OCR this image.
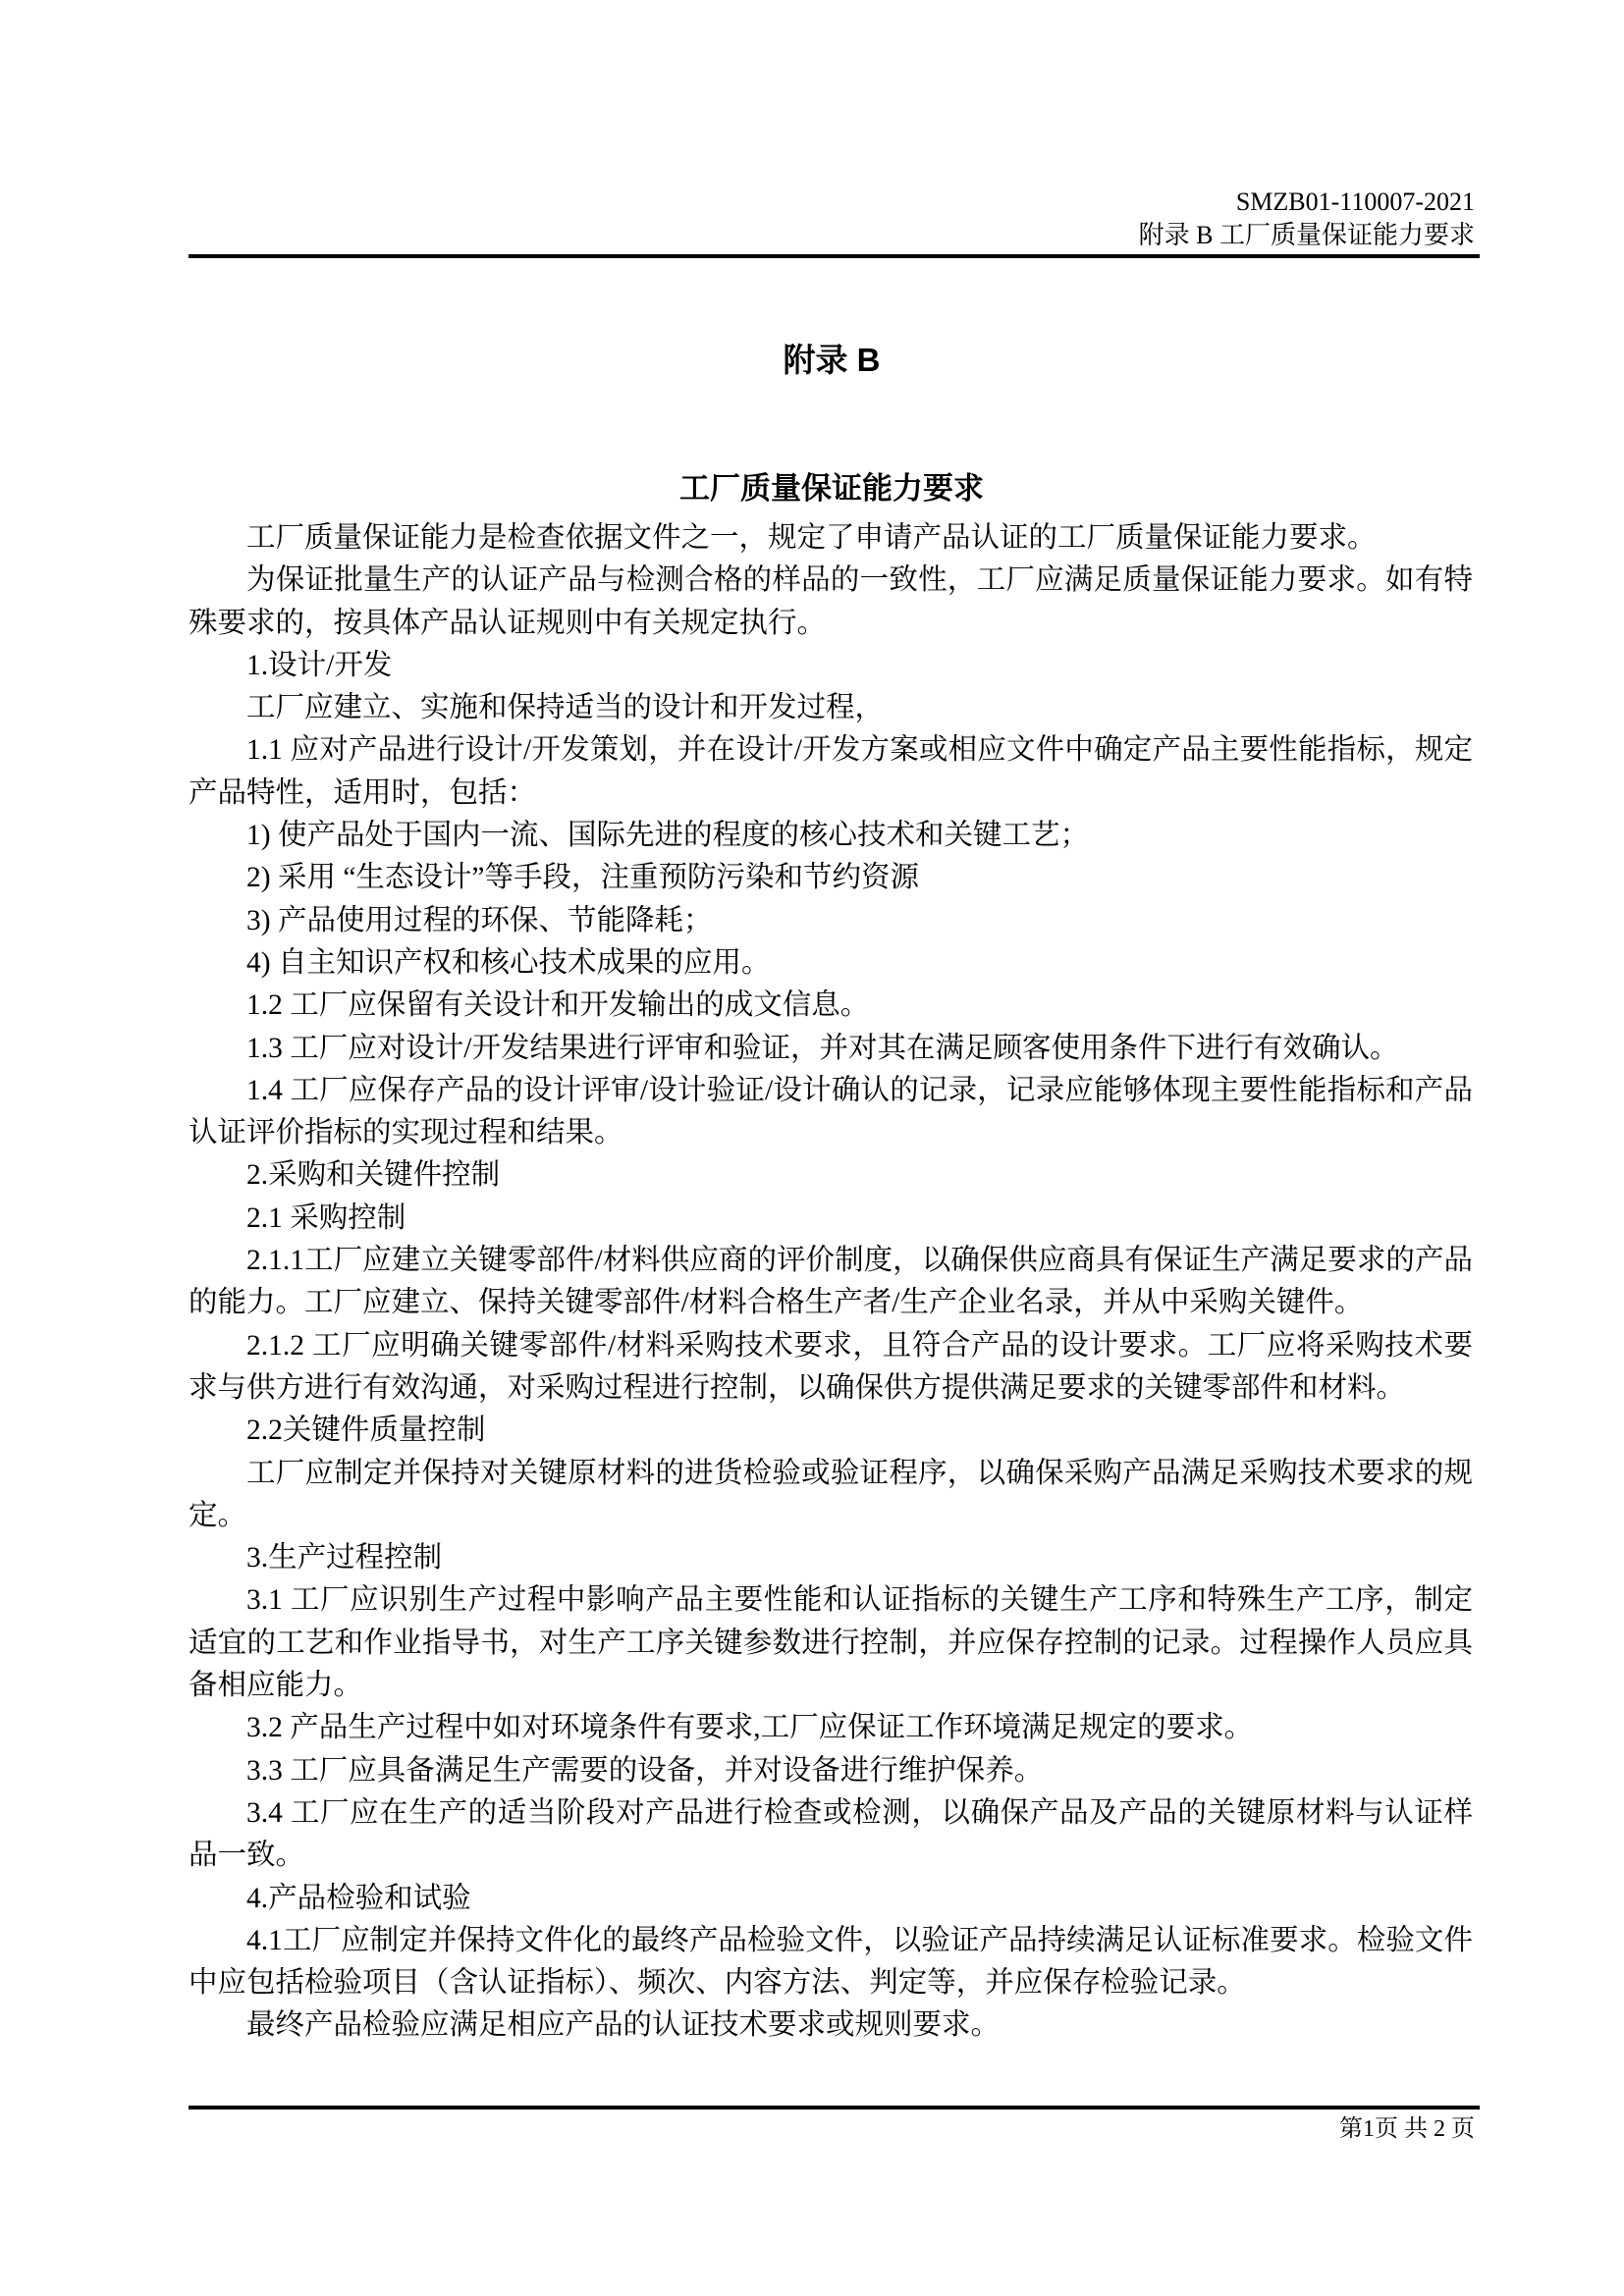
SMZB01-110007-2021
附录 B 工厂质量保证能力要求
附录 B
工厂质量保证能力要求

工厂质量保证能力是检查依据文件之一，规定了申请产品认证的工厂质量保证能力要求。

为保证批量生产的认证产品与检测合格的样品的一致性，工厂应满足质量保证能力要求。如有特殊要求的，按具体产品认证规则中有关规定执行。

1.设计/开发

工厂应建立、实施和保持适当的设计和开发过程，

1.1 应对产品进行设计/开发策划，并在设计/开发方案或相应文件中确定产品主要性能指标，规定产品特性，适用时，包括：

1) 使产品处于国内一流、国际先进的程度的核心技术和关键工艺；

2) 采用 “生态设计”等手段，注重预防污染和节约资源

3) 产品使用过程的环保、节能降耗；

4) 自主知识产权和核心技术成果的应用。

1.2 工厂应保留有关设计和开发输出的成文信息。

1.3 工厂应对设计/开发结果进行评审和验证，并对其在满足顾客使用条件下进行有效确认。

1.4 工厂应保存产品的设计评审/设计验证/设计确认的记录，记录应能够体现主要性能指标和产品认证评价指标的实现过程和结果。

2.采购和关键件控制

2.1 采购控制

2.1.1工厂应建立关键零部件/材料供应商的评价制度，以确保供应商具有保证生产满足要求的产品的能力。工厂应建立、保持关键零部件/材料合格生产者/生产企业名录，并从中采购关键件。

2.1.2 工厂应明确关键零部件/材料采购技术要求，且符合产品的设计要求。工厂应将采购技术要求与供方进行有效沟通，对采购过程进行控制，以确保供方提供满足要求的关键零部件和材料。

2.2关键件质量控制

工厂应制定并保持对关键原材料的进货检验或验证程序，以确保采购产品满足采购技术要求的规定。

3.生产过程控制

3.1 工厂应识别生产过程中影响产品主要性能和认证指标的关键生产工序和特殊生产工序，制定适宜的工艺和作业指导书，对生产工序关键参数进行控制，并应保存控制的记录。过程操作人员应具备相应能力。

3.2 产品生产过程中如对环境条件有要求,工厂应保证工作环境满足规定的要求。

3.3 工厂应具备满足生产需要的设备，并对设备进行维护保养。

3.4 工厂应在生产的适当阶段对产品进行检查或检测，以确保产品及产品的关键原材料与认证样品一致。

4.产品检验和试验

4.1工厂应制定并保持文件化的最终产品检验文件，以验证产品持续满足认证标准要求。检验文件中应包括检验项目（含认证指标）、频次、内容方法、判定等，并应保存检验记录。

最终产品检验应满足相应产品的认证技术要求或规则要求。

第1页 共 2 页
